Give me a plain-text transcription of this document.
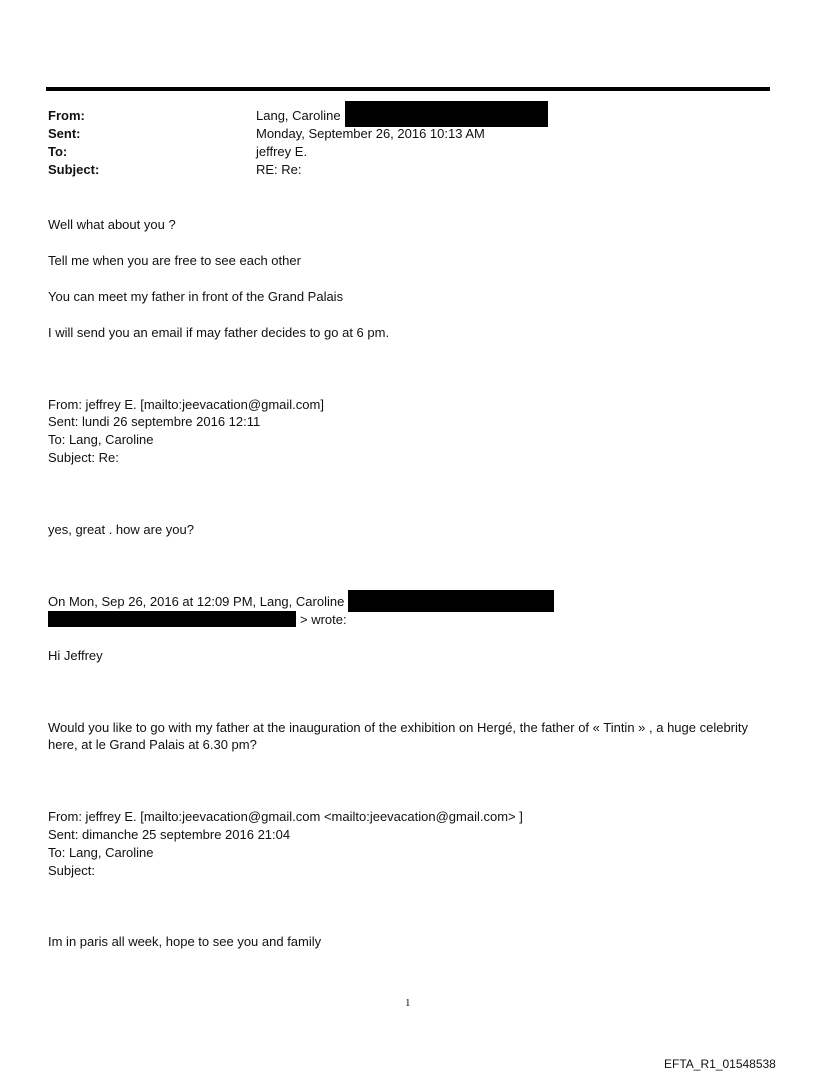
From:	Lang, Caroline
Sent:	Monday, September 26, 2016 10:13 AM
To:	jeffrey E.
Subject:	RE: Re:
Well what about you ?
Tell me when you are free to see each other
You can meet my father in front of the Grand Palais
I will send you an email if may father decides to go at 6 pm.
From: jeffrey E. [mailto:jeevacation@gmail.com]
Sent: lundi 26 septembre 2016 12:11
To: Lang, Caroline
Subject: Re:
yes, great . how are you?
On Mon, Sep 26, 2016 at 12:09 PM, Lang, Caroline
> wrote:
Hi Jeffrey
Would you like to go with my father at the inauguration of the exhibition on Hergé, the father of « Tintin » , a huge celebrity here, at le Grand Palais at 6.30 pm?
From: jeffrey E. [mailto:jeevacation@gmail.com <mailto:jeevacation@gmail.com> ]
Sent: dimanche 25 septembre 2016 21:04
To: Lang, Caroline
Subject:
Im in paris all week, hope to see you and family
1
EFTA_R1_01548538
